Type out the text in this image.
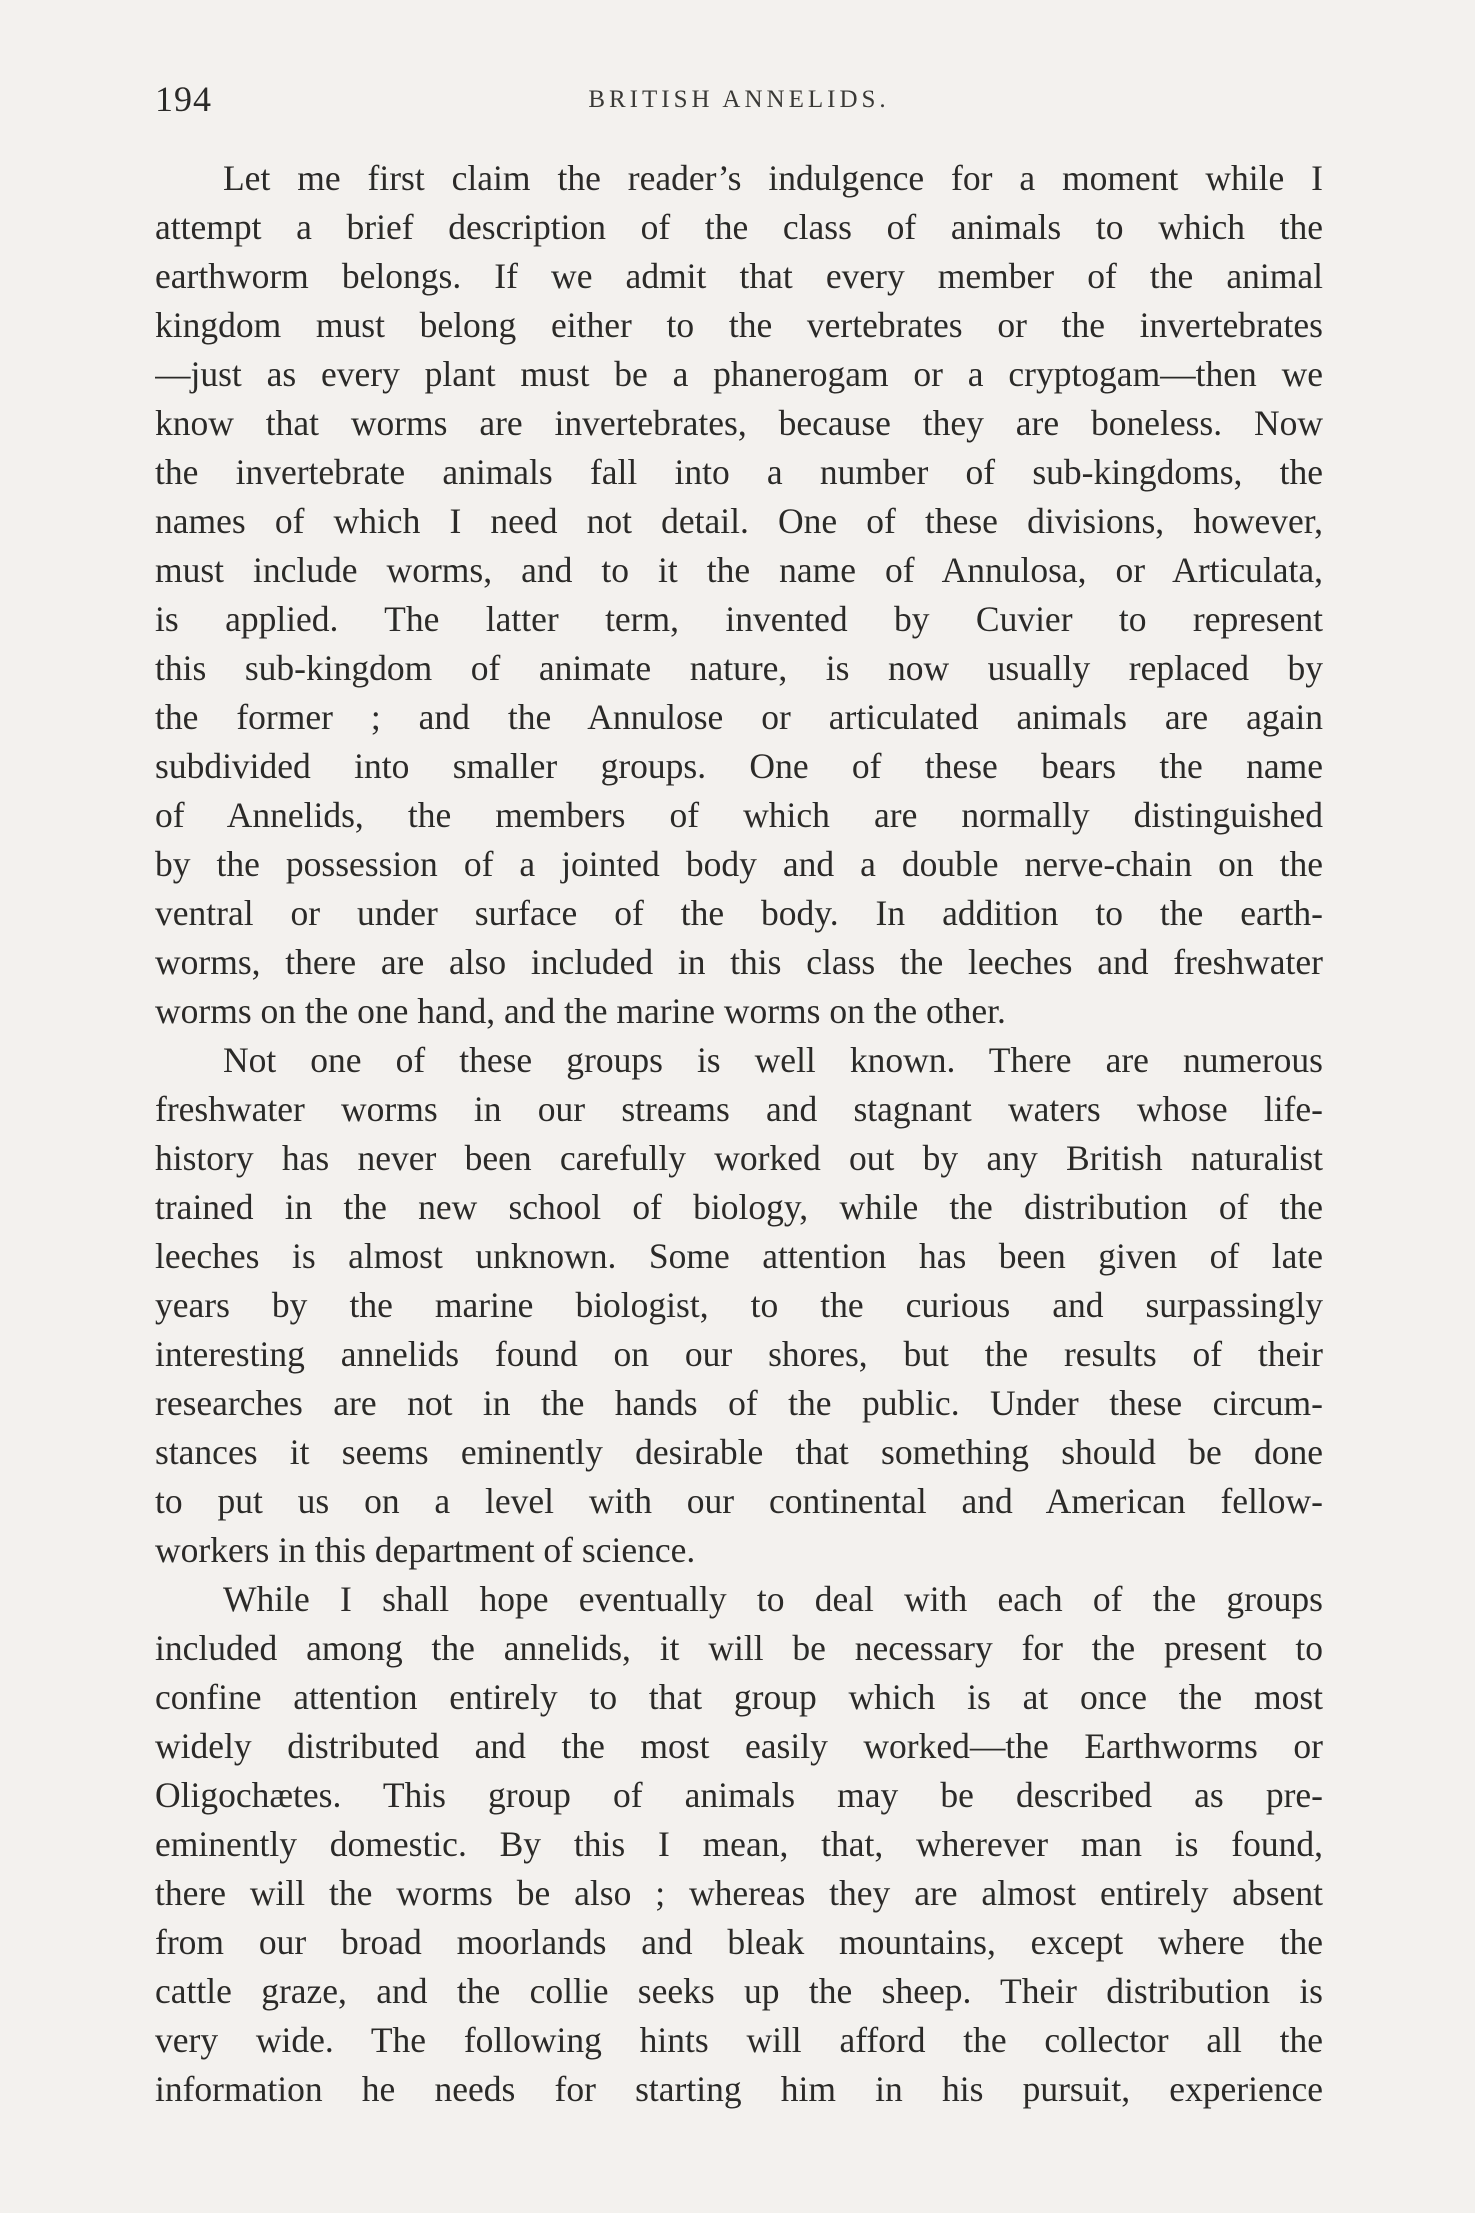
194	BRITISH ANNELIDS.
Let me first claim the reader’s indulgence for a moment while I
attempt a brief description of the class of animals to which the
earthworm belongs. If we admit that every member of the animal
kingdom must belong either to the vertebrates or the invertebrates
—just as every plant must be a phanerogam or a cryptogam—then we
know that worms are invertebrates, because they are boneless. Now
the invertebrate animals fall into a number of sub-kingdoms, the
names of which I need not detail. One of these divisions, however,
must include worms, and to it the name of Annulosa, or Articulata,
is applied. The latter term, invented by Cuvier to represent
this sub-kingdom of animate nature, is now usually replaced by
the former ; and the Annulose or articulated animals are again
subdivided into smaller groups. One of these bears the name
of Annelids, the members of which are normally distinguished
by the possession of a jointed body and a double nerve-chain on the
ventral or under surface of the body. In addition to the earth-
worms, there are also included in this class the leeches and freshwater
worms on the one hand, and the marine worms on the other.
Not one of these groups is well known. There are numerous
freshwater worms in our streams and stagnant waters whose life-
history has never been carefully worked out by any British naturalist
trained in the new school of biology, while the distribution of the
leeches is almost unknown. Some attention has been given of late
years by the marine biologist, to the curious and surpassingly
interesting annelids found on our shores, but the results of their
researches are not in the hands of the public. Under these circum-
stances it seems eminently desirable that something should be done
to put us on a level with our continental and American fellow-
workers in this department of science.
While I shall hope eventually to deal with each of the groups
included among the annelids, it will be necessary for the present to
confine attention entirely to that group which is at once the most
widely distributed and the most easily worked—the Earthworms or
Oligochætes. This group of animals may be described as pre-
eminently domestic. By this I mean, that, wherever man is found,
there will the worms be also ; whereas they are almost entirely absent
from our broad moorlands and bleak mountains, except where the
cattle graze, and the collie seeks up the sheep. Their distribution is
very wide. The following hints will afford the collector all the
information he needs for starting him in his pursuit, experience
